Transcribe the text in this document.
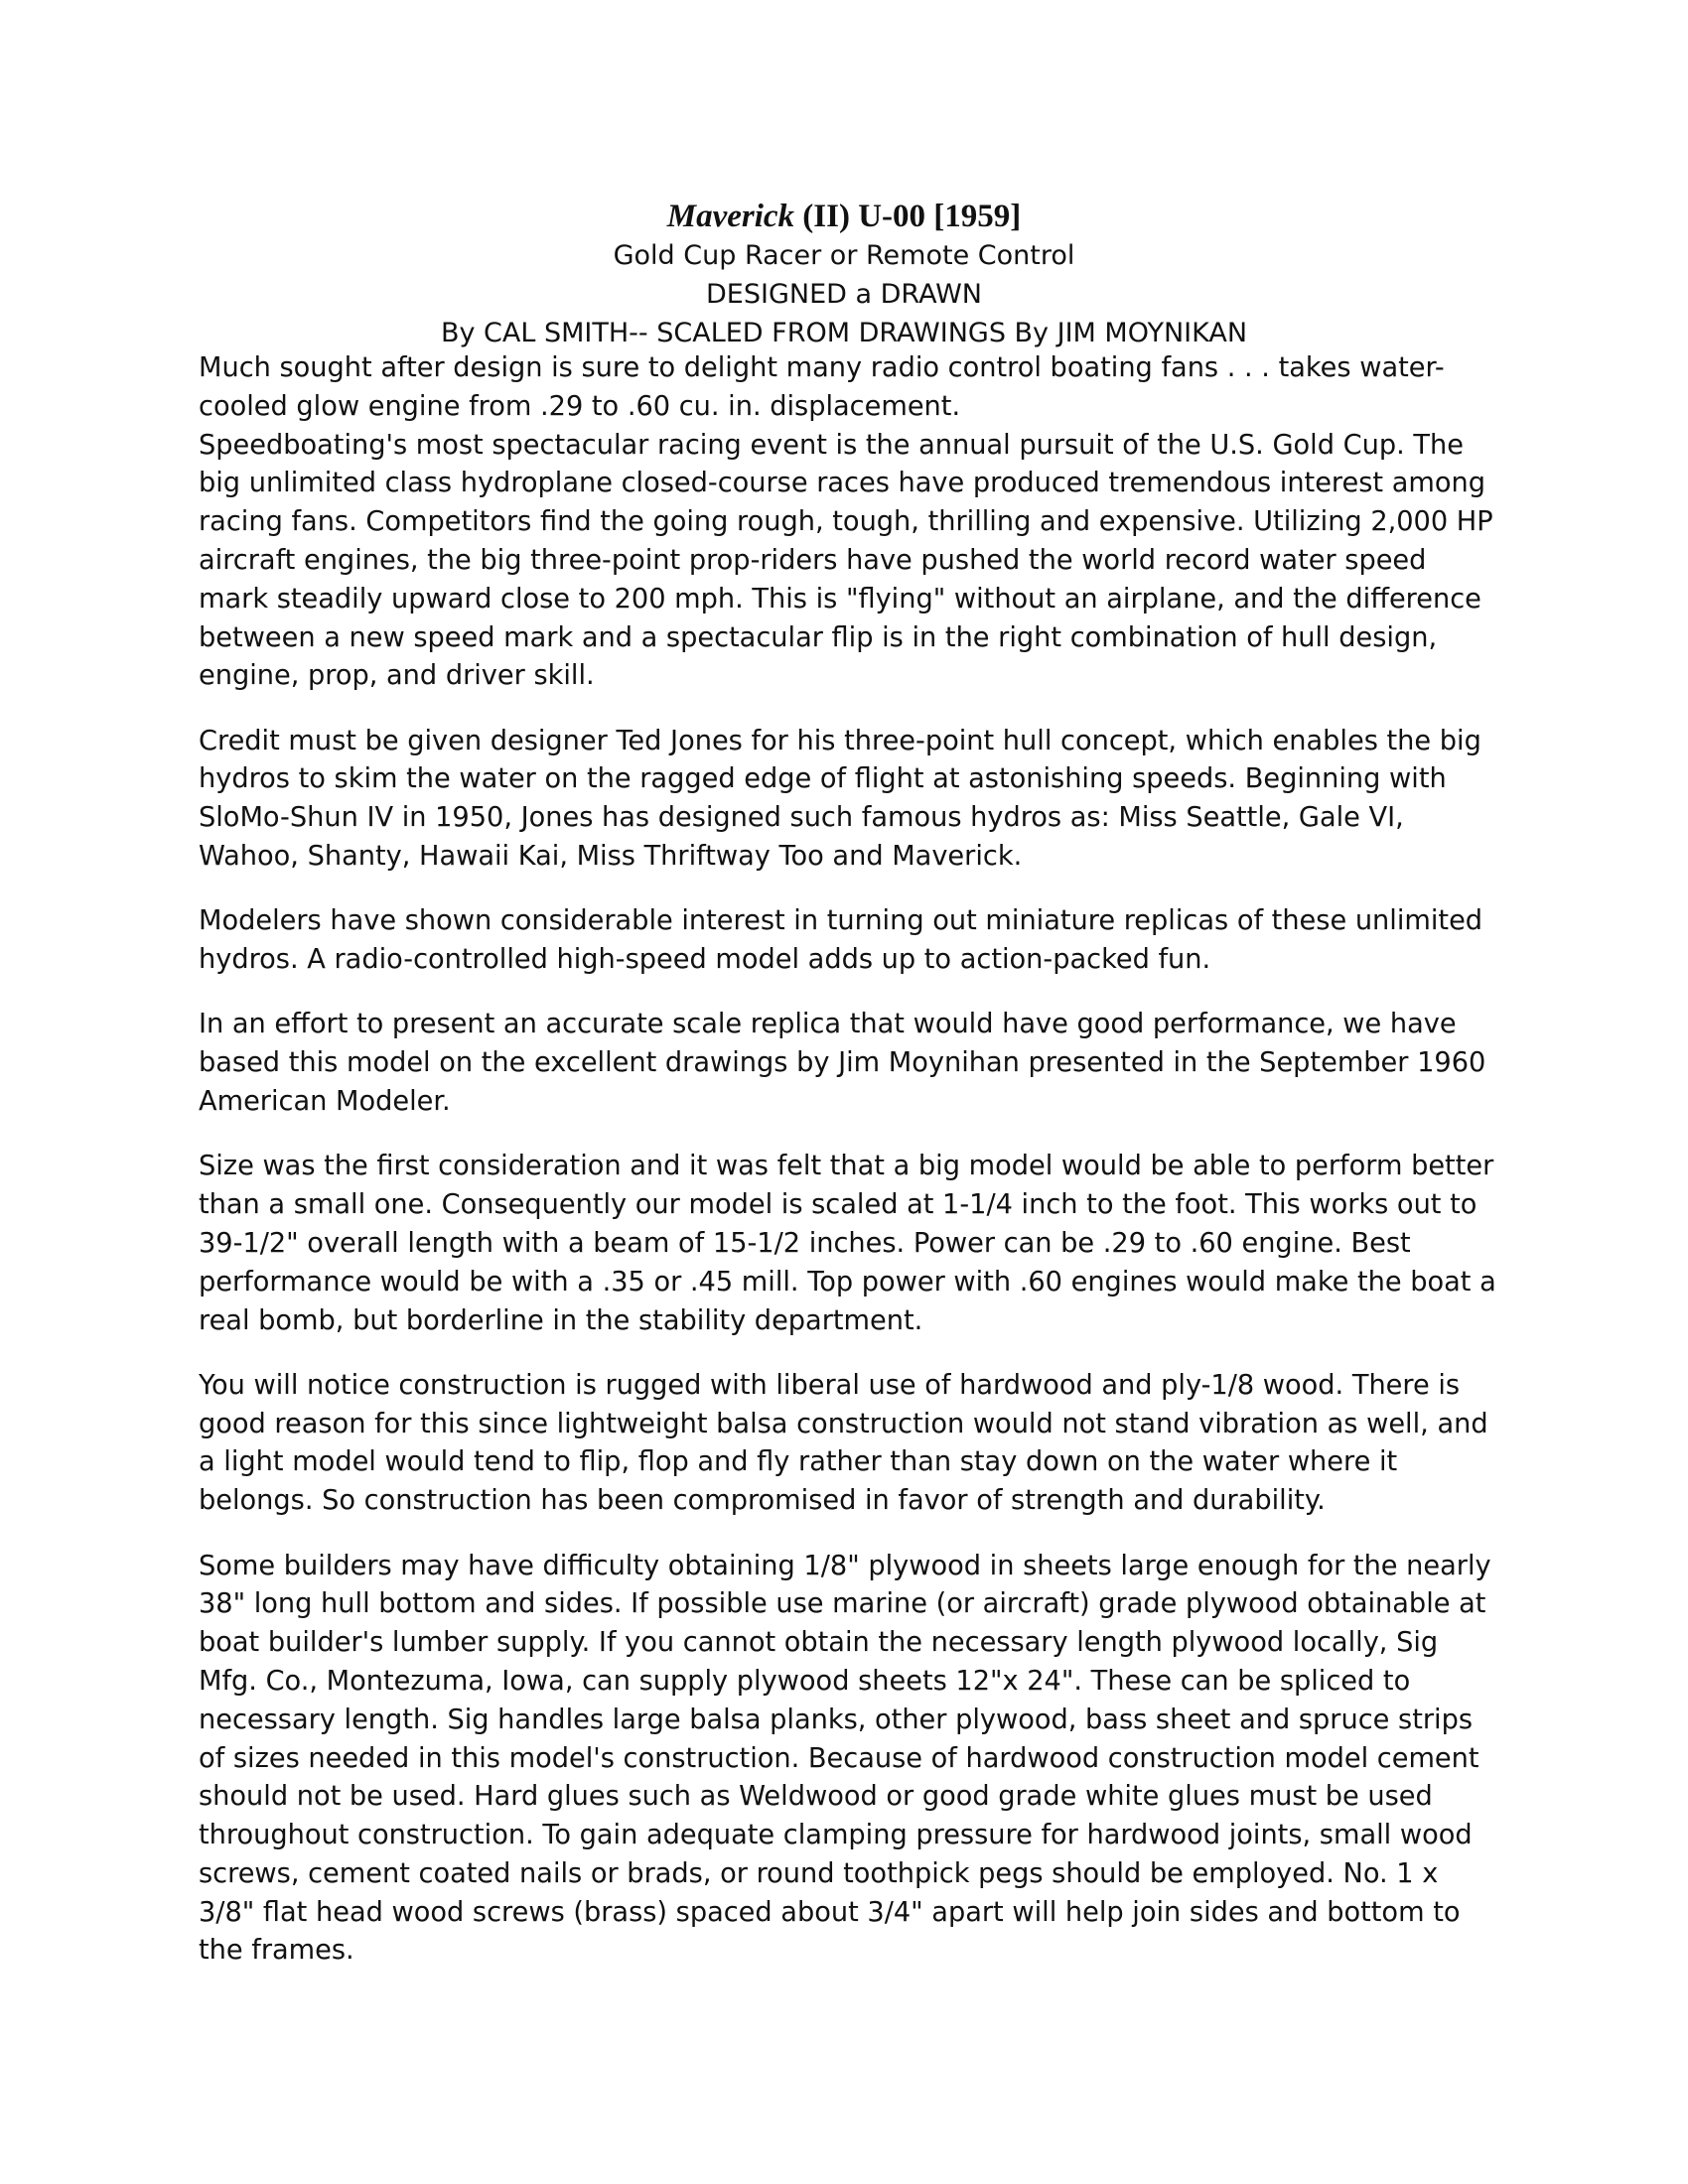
Maverick (II) U-00 [1959]

Gold Cup Racer or Remote Control

DESIGNED a DRAWN

By CAL SMITH-- SCALED FROM DRAWINGS By JIM MOYNIKAN

Much sought after design is sure to delight many radio control boating fans . . . takes water-cooled glow engine from .29 to .60 cu. in. displacement.

Speedboating's most spectacular racing event is the annual pursuit of the U.S. Gold Cup. The big unlimited class hydroplane closed-course races have produced tremendous interest among racing fans. Competitors find the going rough, tough, thrilling and expensive. Utilizing 2,000 HP aircraft engines, the big three-point prop-riders have pushed the world record water speed mark steadily upward close to 200 mph. This is "flying" without an airplane, and the difference between a new speed mark and a spectacular flip is in the right combination of hull design, engine, prop, and driver skill.

Credit must be given designer Ted Jones for his three-point hull concept, which enables the big hydros to skim the water on the ragged edge of flight at astonishing speeds. Beginning with SloMo-Shun IV in 1950, Jones has designed such famous hydros as: Miss Seattle, Gale VI, Wahoo, Shanty, Hawaii Kai, Miss Thriftway Too and Maverick.

Modelers have shown considerable interest in turning out miniature replicas of these unlimited hydros. A radio-controlled high-speed model adds up to action-packed fun.

In an effort to present an accurate scale replica that would have good performance, we have based this model on the excellent drawings by Jim Moynihan presented in the September 1960 American Modeler.

Size was the first consideration and it was felt that a big model would be able to perform better than a small one. Consequently our model is scaled at 1-1/4 inch to the foot. This works out to 39-1/2" overall length with a beam of 15-1/2 inches. Power can be .29 to .60 engine. Best performance would be with a .35 or .45 mill. Top power with .60 engines would make the boat a real bomb, but borderline in the stability department.

You will notice construction is rugged with liberal use of hardwood and ply-1/8 wood. There is good reason for this since lightweight balsa construction would not stand vibration as well, and a light model would tend to flip, flop and fly rather than stay down on the water where it belongs. So construction has been compromised in favor of strength and durability.

Some builders may have difficulty obtaining 1/8" plywood in sheets large enough for the nearly 38" long hull bottom and sides. If possible use marine (or aircraft) grade plywood obtainable at boat builder's lumber supply. If you cannot obtain the necessary length plywood locally, Sig Mfg. Co., Montezuma, Iowa, can supply plywood sheets 12"x 24". These can be spliced to necessary length. Sig handles large balsa planks, other plywood, bass sheet and spruce strips of sizes needed in this model's construction. Because of hardwood construction model cement should not be used. Hard glues such as Weldwood or good grade white glues must be used throughout construction. To gain adequate clamping pressure for hardwood joints, small wood screws, cement coated nails or brads, or round toothpick pegs should be employed. No. 1 x 3/8" flat head wood screws (brass) spaced about 3/4" apart will help join sides and bottom to the frames.
